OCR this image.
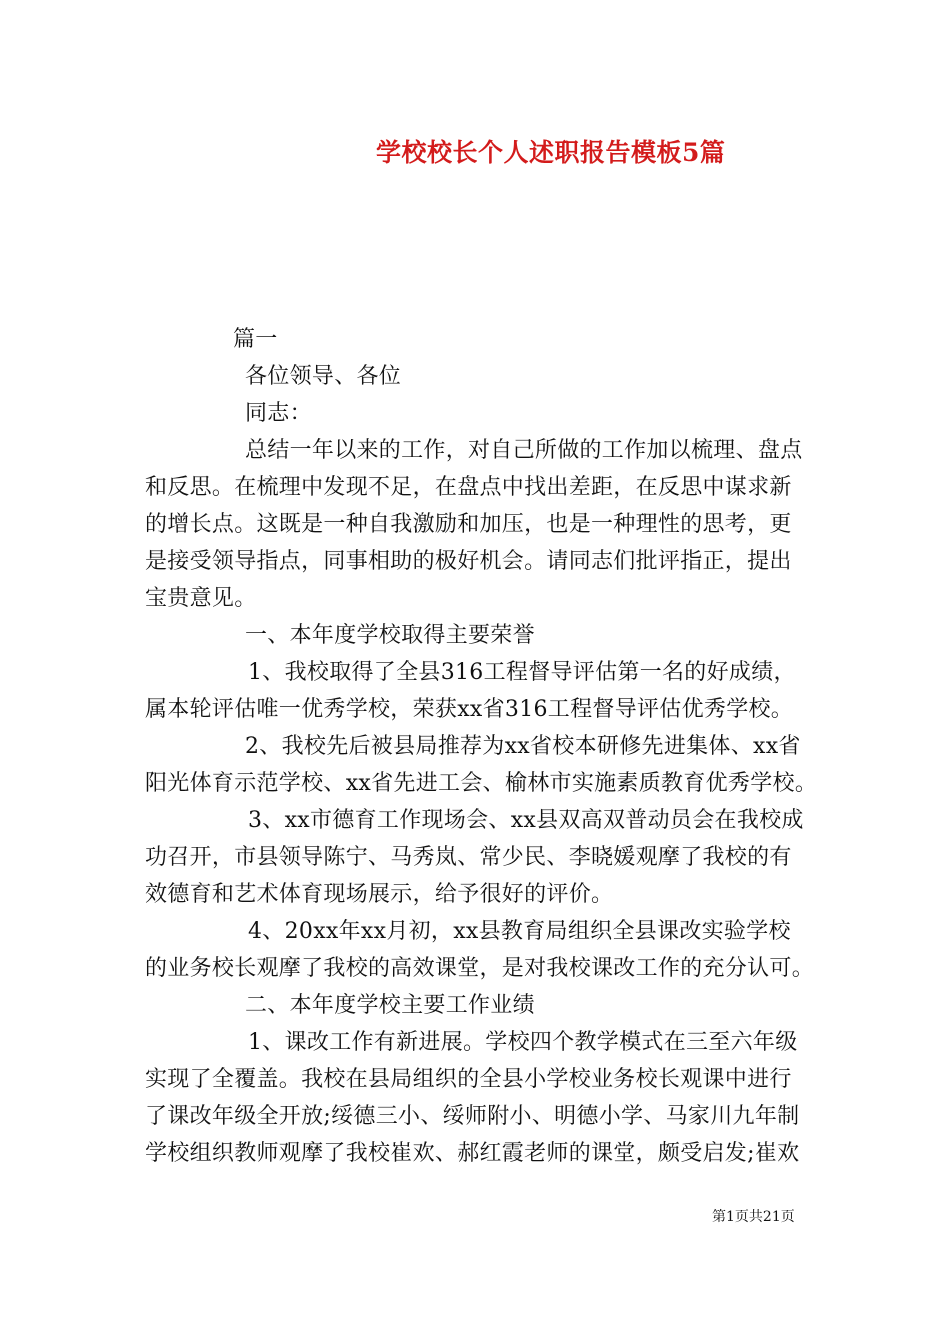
学校校长个人述职报告模板5篇
篇一
各位领导、各位
同志：
总结一年以来的工作，对自己所做的工作加以梳理、盘点
和反思。在梳理中发现不足，在盘点中找出差距，在反思中谋求新
的增长点。这既是一种自我激励和加压，也是一种理性的思考，更
是接受领导指点，同事相助的极好机会。请同志们批评指正，提出
宝贵意见。
一、本年度学校取得主要荣誉
1、我校取得了全县316工程督导评估第一名的好成绩，
属本轮评估唯一优秀学校，荣获xx省316工程督导评估优秀学校。
2、我校先后被县局推荐为xx省校本研修先进集体、xx省
阳光体育示范学校、xx省先进工会、榆林市实施素质教育优秀学校。
3、xx市德育工作现场会、xx县双高双普动员会在我校成
功召开，市县领导陈宁、马秀岚、常少民、李晓媛观摩了我校的有
效德育和艺术体育现场展示，给予很好的评价。
4、20xx年xx月初，xx县教育局组织全县课改实验学校
的业务校长观摩了我校的高效课堂，是对我校课改工作的充分认可。
二、本年度学校主要工作业绩
1、课改工作有新进展。学校四个教学模式在三至六年级
实现了全覆盖。我校在县局组织的全县小学校业务校长观课中进行
了课改年级全开放;绥德三小、绥师附小、明德小学、马家川九年制
学校组织教师观摩了我校崔欢、郝红霞老师的课堂，颇受启发;崔欢
第1页共21页
